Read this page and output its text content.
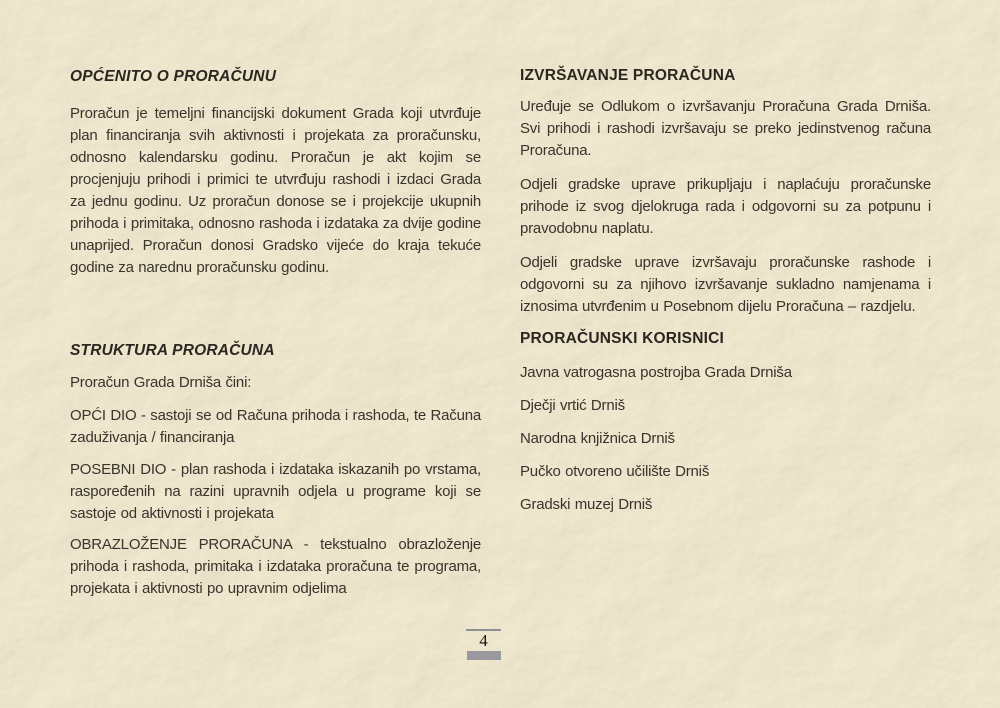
OPĆENITO O PRORAČUNU

Proračun je temeljni financijski dokument Grada koji utvrđuje plan financiranja svih aktivnosti i projekata za proračunsku, odnosno kalendarsku godinu. Proračun je akt kojim se procjenjuju prihodi i primici te utvrđuju rashodi i izdaci Grada za jednu godinu. Uz proračun donose se i projekcije ukupnih prihoda i primitaka, odnosno rashoda i izdataka za dvije godine unaprijed. Proračun donosi Gradsko vijeće do kraja tekuće godine za narednu proračunsku godinu.

STRUKTURA PRORAČUNA

Proračun Grada Drniša čini:

OPĆI DIO - sastoji se od Računa prihoda i rashoda, te Računa zaduživanja / financiranja

POSEBNI DIO - plan rashoda i izdataka iskazanih po vrstama, raspoređenih na razini upravnih odjela u programe koji se sastoje od aktivnosti i projekata

OBRAZLOŽENJE PRORAČUNA - tekstualno obrazloženje prihoda i rashoda, primitaka i izdataka proračuna te programa, projekata i aktivnosti po upravnim odjelima

IZVRŠAVANJE PRORAČUNA

Uređuje se Odlukom o izvršavanju Proračuna Grada Drniša. Svi prihodi i rashodi izvršavaju se preko jedinstvenog računa Proračuna.

Odjeli gradske uprave prikupljaju i naplaćuju proračunske prihode iz svog djelokruga rada i odgovorni su za potpunu i pravodobnu naplatu.

Odjeli gradske uprave izvršavaju proračunske rashode i odgovorni su za njihovo izvršavanje sukladno namjenama i iznosima utvrđenim u Posebnom dijelu Proračuna – razdjelu.

PRORAČUNSKI KORISNICI

Javna vatrogasna postrojba Grada Drniša

Dječji vrtić Drniš

Narodna knjižnica Drniš

Pučko otvoreno učilište Drniš

Gradski muzej Drniš

4
